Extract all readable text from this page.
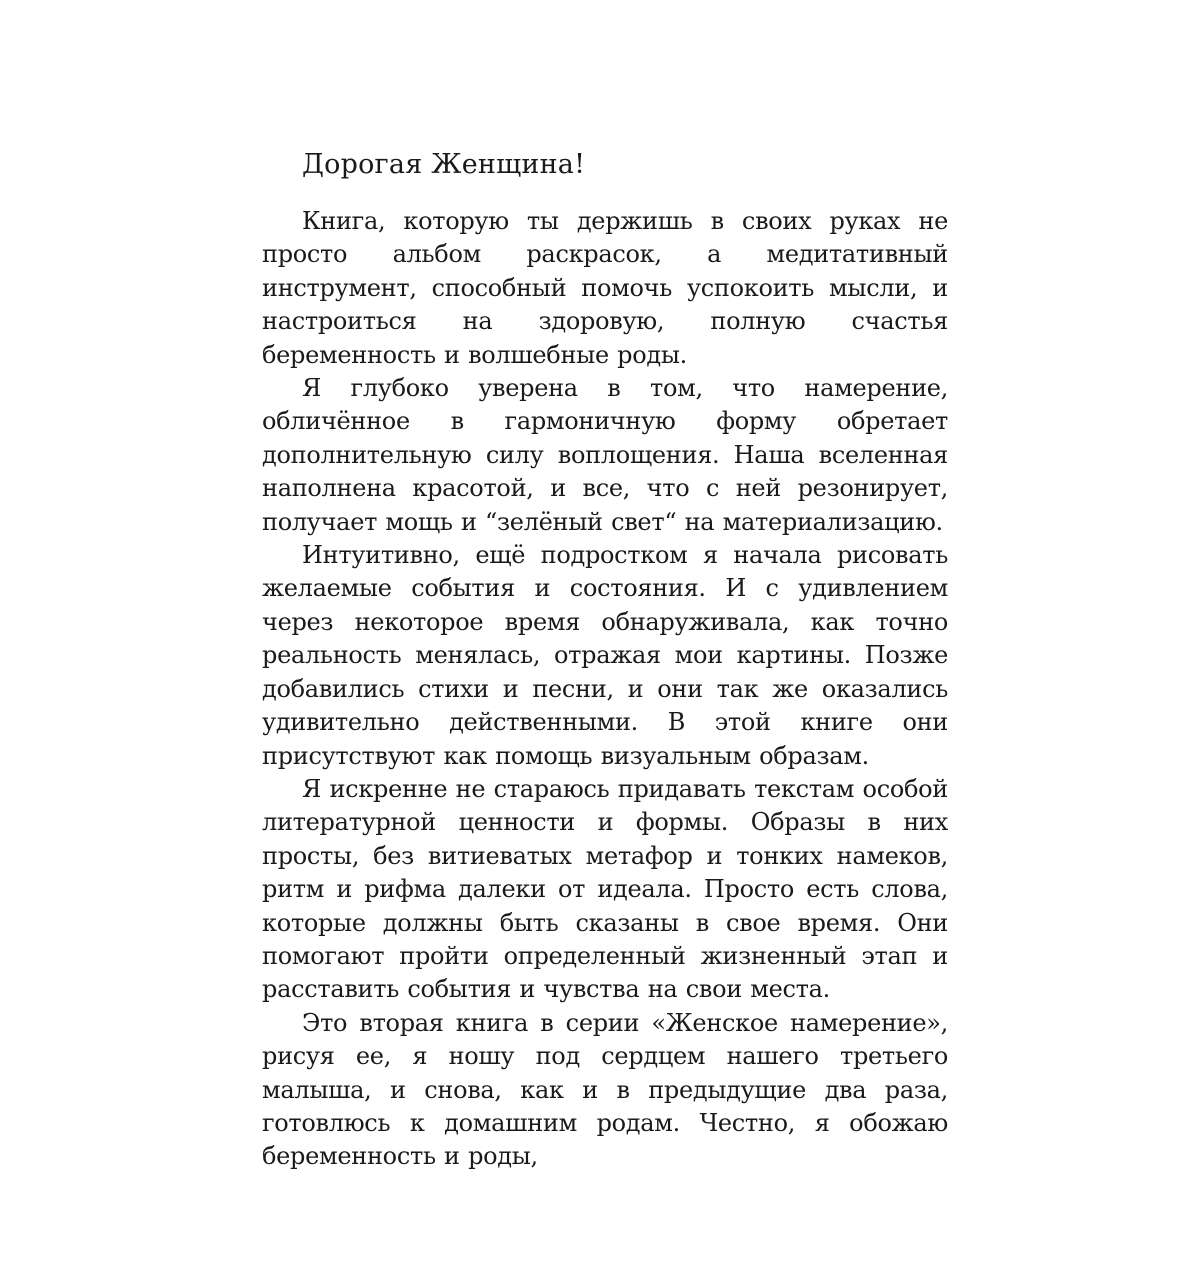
Дорогая Женщина!

Книга, которую ты держишь в своих руках не просто альбом раскрасок, а медитативный инструмент, способный помочь успокоить мысли, и настроиться на здоровую, полную счастья беременность и волшебные роды.

Я глубоко уверена в том, что намерение, обличённое в гармоничную форму обретает дополнительную силу воплощения. Наша вселенная наполнена красотой, и все, что с ней резонирует, получает мощь и “зелёный свет“ на материализацию.

Интуитивно, ещё подростком я начала рисовать желаемые события и состояния. И с удивлением через некоторое время обнаруживала, как точно реальность менялась, отражая мои картины. Позже добавились стихи и песни, и они так же оказались удивительно действенными. В этой книге они присутствуют как помощь визуальным образам.

Я искренне не стараюсь придавать текстам особой литературной ценности и формы. Образы в них просты, без витиеватых метафор и тонких намеков, ритм и рифма далеки от идеала. Просто есть слова, которые должны быть сказаны в свое время. Они помогают пройти определенный жизненный этап и расставить события и чувства на свои места.

Это вторая книга в серии «Женское намерение», рисуя ее, я ношу под сердцем нашего третьего малыша, и снова, как и в предыдущие два раза, готовлюсь к домашним родам. Честно, я обожаю беременность и роды,
